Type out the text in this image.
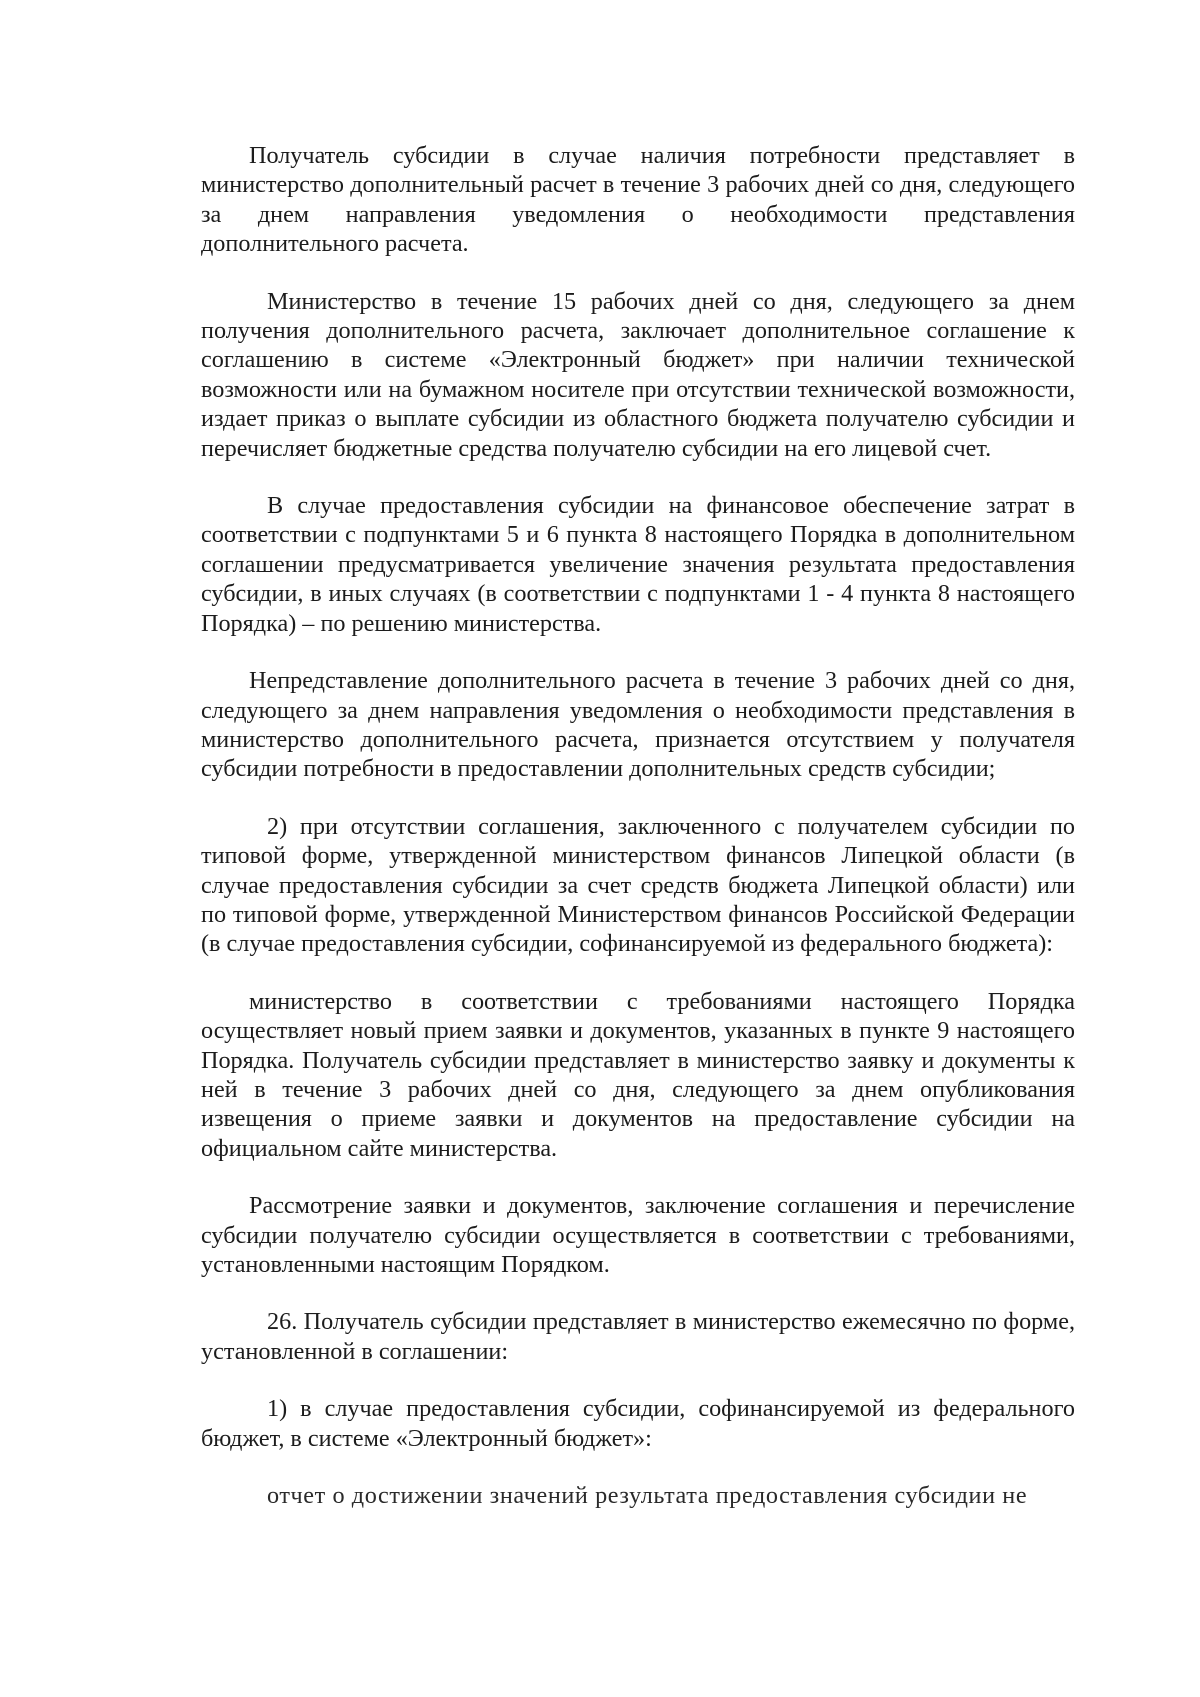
Получатель субсидии в случае наличия потребности представляет в министерство дополнительный расчет в течение 3 рабочих дней со дня, следующего за днем направления уведомления о необходимости представления дополнительного расчета.

Министерство в течение 15 рабочих дней со дня, следующего за днем получения дополнительного расчета, заключает дополнительное соглашение к соглашению в системе «Электронный бюджет» при наличии технической возможности или на бумажном носителе при отсутствии технической возможности, издает приказ о выплате субсидии из областного бюджета получателю субсидии и перечисляет бюджетные средства получателю субсидии на его лицевой счет.

В случае предоставления субсидии на финансовое обеспечение затрат в соответствии с подпунктами 5 и 6 пункта 8 настоящего Порядка в дополнительном соглашении предусматривается увеличение значения результата предоставления субсидии, в иных случаях (в соответствии с подпунктами 1 - 4 пункта 8 настоящего Порядка) – по решению министерства.

Непредставление дополнительного расчета в течение 3 рабочих дней со дня, следующего за днем направления уведомления о необходимости представления в министерство дополнительного расчета, признается отсутствием у получателя субсидии потребности в предоставлении дополнительных средств субсидии;

2) при отсутствии соглашения, заключенного с получателем субсидии по типовой форме, утвержденной министерством финансов Липецкой области (в случае предоставления субсидии за счет средств бюджета Липецкой области) или по типовой форме, утвержденной Министерством финансов Российской Федерации (в случае предоставления субсидии, софинансируемой из федерального бюджета):

министерство в соответствии с требованиями настоящего Порядка осуществляет новый прием заявки и документов, указанных в пункте 9 настоящего Порядка. Получатель субсидии представляет в министерство заявку и документы к ней в течение 3 рабочих дней со дня, следующего за днем опубликования извещения о приеме заявки и документов на предоставление субсидии на официальном сайте министерства.

Рассмотрение заявки и документов, заключение соглашения и перечисление субсидии получателю субсидии осуществляется в соответствии с требованиями, установленными настоящим Порядком.

26. Получатель субсидии представляет в министерство ежемесячно по форме, установленной в соглашении:

1) в случае предоставления субсидии, софинансируемой из федерального бюджет, в системе «Электронный бюджет»:

отчет о достижении значений результата предоставления субсидии не
